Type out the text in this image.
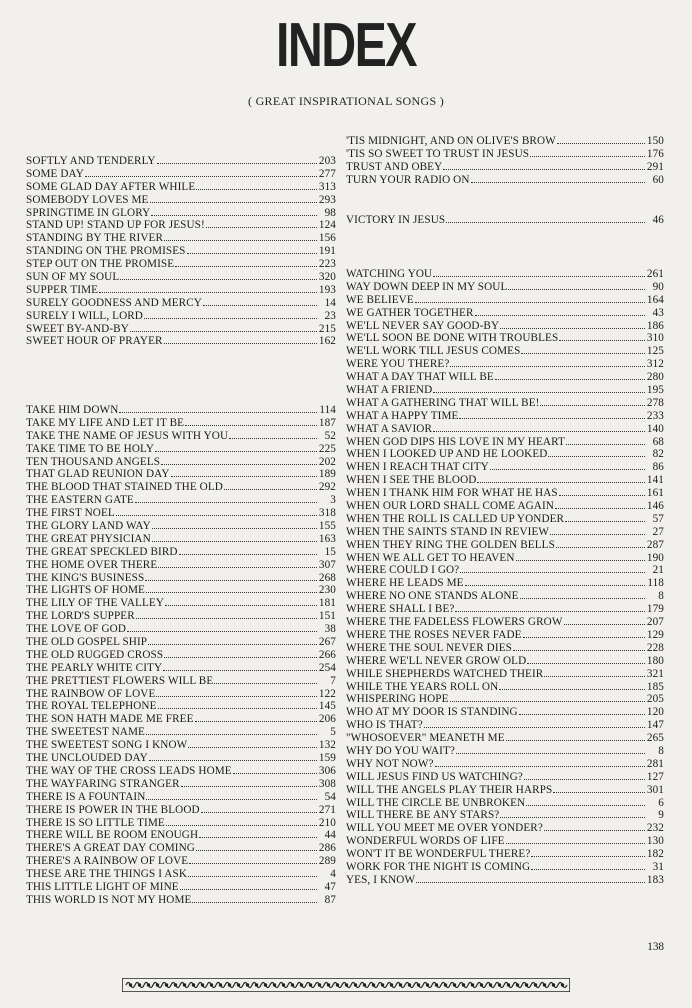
INDEX
( GREAT INSPIRATIONAL SONGS )
SOFTLY AND TENDERLY	203
SOME DAY	277
SOME GLAD DAY AFTER WHILE	313
SOMEBODY LOVES ME	293
SPRINGTIME IN GLORY	98
STAND UP! STAND UP FOR JESUS!	124
STANDING BY THE RIVER	156
STANDING ON THE PROMISES	191
STEP OUT ON THE PROMISE	223
SUN OF MY SOUL	320
SUPPER TIME	193
SURELY GOODNESS AND MERCY	14
SURELY I WILL, LORD	23
SWEET BY-AND-BY	215
SWEET HOUR OF PRAYER	162
TAKE HIM DOWN	114
TAKE MY LIFE AND LET IT BE	187
TAKE THE NAME OF JESUS WITH YOU	52
TAKE TIME TO BE HOLY	225
TEN THOUSAND ANGELS	202
THAT GLAD REUNION DAY	189
THE BLOOD THAT STAINED THE OLD	292
THE EASTERN GATE	3
THE FIRST NOEL	318
THE GLORY LAND WAY	155
THE GREAT PHYSICIAN	163
THE GREAT SPECKLED BIRD	15
THE HOME OVER THERE	307
THE KING'S BUSINESS	268
THE LIGHTS OF HOME	230
THE LILY OF THE VALLEY	181
THE LORD'S SUPPER	151
THE LOVE OF GOD	38
THE OLD GOSPEL SHIP	267
THE OLD RUGGED CROSS	266
THE PEARLY WHITE CITY	254
THE PRETTIEST FLOWERS WILL BE	7
THE RAINBOW OF LOVE	122
THE ROYAL TELEPHONE	145
THE SON HATH MADE ME FREE	206
THE SWEETEST NAME	5
THE SWEETEST SONG I KNOW	132
THE UNCLOUDED DAY	159
THE WAY OF THE CROSS LEADS HOME	306
THE WAYFARING STRANGER	308
THERE IS A FOUNTAIN	54
THERE IS POWER IN THE BLOOD	271
THERE IS SO LITTLE TIME	210
THERE WILL BE ROOM ENOUGH	44
THERE'S A GREAT DAY COMING	286
THERE'S A RAINBOW OF LOVE	289
THESE ARE THE THINGS I ASK	4
THIS LITTLE LIGHT OF MINE	47
THIS WORLD IS NOT MY HOME	87
'TIS MIDNIGHT, AND ON OLIVE'S BROW	150
'TIS SO SWEET TO TRUST IN JESUS	176
TRUST AND OBEY	291
TURN YOUR RADIO ON	60
VICTORY IN JESUS	46
WATCHING YOU	261
WAY DOWN DEEP IN MY SOUL	90
WE BELIEVE	164
WE GATHER TOGETHER	43
WE'LL NEVER SAY GOOD-BY	186
WE'LL SOON BE DONE WITH TROUBLES	310
WE'LL WORK TILL JESUS COMES	125
WERE YOU THERE?	312
WHAT A DAY THAT WILL BE	280
WHAT A FRIEND	195
WHAT A GATHERING THAT WILL BE!	278
WHAT A HAPPY TIME	233
WHAT A SAVIOR	140
WHEN GOD DIPS HIS LOVE IN MY HEART	68
WHEN I LOOKED UP AND HE LOOKED	82
WHEN I REACH THAT CITY	86
WHEN I SEE THE BLOOD	141
WHEN I THANK HIM FOR WHAT HE HAS	161
WHEN OUR LORD SHALL COME AGAIN	146
WHEN THE ROLL IS CALLED UP YONDER	57
WHEN THE SAINTS STAND IN REVIEW	27
WHEN THEY RING THE GOLDEN BELLS	287
WHEN WE ALL GET TO HEAVEN	190
WHERE COULD I GO?	21
WHERE HE LEADS ME	118
WHERE NO ONE STANDS ALONE	8
WHERE SHALL I BE?	179
WHERE THE FADELESS FLOWERS GROW	207
WHERE THE ROSES NEVER FADE	129
WHERE THE SOUL NEVER DIES	228
WHERE WE'LL NEVER GROW OLD	180
WHILE SHEPHERDS WATCHED THEIR	321
WHILE THE YEARS ROLL ON	185
WHISPERING HOPE	205
WHO AT MY DOOR IS STANDING	120
WHO IS THAT?	147
"WHOSOEVER" MEANETH ME	265
WHY DO YOU WAIT?	8
WHY NOT NOW?	281
WILL JESUS FIND US WATCHING?	127
WILL THE ANGELS PLAY THEIR HARPS	301
WILL THE CIRCLE BE UNBROKEN	6
WILL THERE BE ANY STARS?	9
WILL YOU MEET ME OVER YONDER?	232
WONDERFUL WORDS OF LIFE	130
WON'T IT BE WONDERFUL THERE?	182
WORK FOR THE NIGHT IS COMING	31
YES, I KNOW	183
138
